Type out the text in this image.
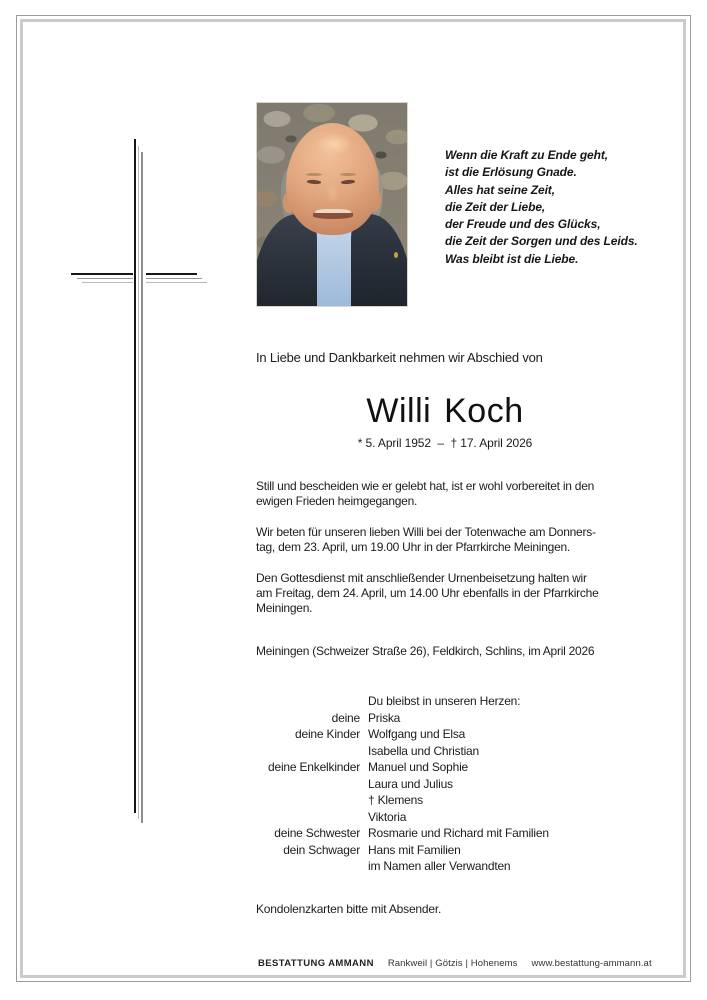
Wenn die Kraft zu Ende geht,
ist die Erlösung Gnade.
Alles hat seine Zeit,
die Zeit der Liebe,
der Freude und des Glücks,
die Zeit der Sorgen und des Leids.
Was bleibt ist die Liebe.
In Liebe und Dankbarkeit nehmen wir Abschied von
Willi Koch
* 5. April 1952  –  † 17. April 2026
Still und bescheiden wie er gelebt hat, ist er wohl vorbereitet in den
ewigen Frieden heimgegangen.
Wir beten für unseren lieben Willi bei der Totenwache am Donners-
tag, dem 23. April, um 19.00 Uhr in der Pfarrkirche Meiningen.
Den Gottesdienst mit anschließender Urnenbeisetzung halten wir
am Freitag, dem 24. April, um 14.00 Uhr ebenfalls in der Pfarrkirche
Meiningen.
Meiningen (Schweizer Straße 26), Feldkirch, Schlins, im April 2026
Du bleibst in unseren Herzen:
deine Priska
deine Kinder Wolfgang und Elsa
Isabella und Christian
deine Enkelkinder Manuel und Sophie
Laura und Julius
† Klemens
Viktoria
deine Schwester Rosmarie und Richard mit Familien
dein Schwager Hans mit Familien
im Namen aller Verwandten
Kondolenzkarten bitte mit Absender.
BESTATTUNG AMMANN Rankweil | Götzis | Hohenems www.bestattung-ammann.at
